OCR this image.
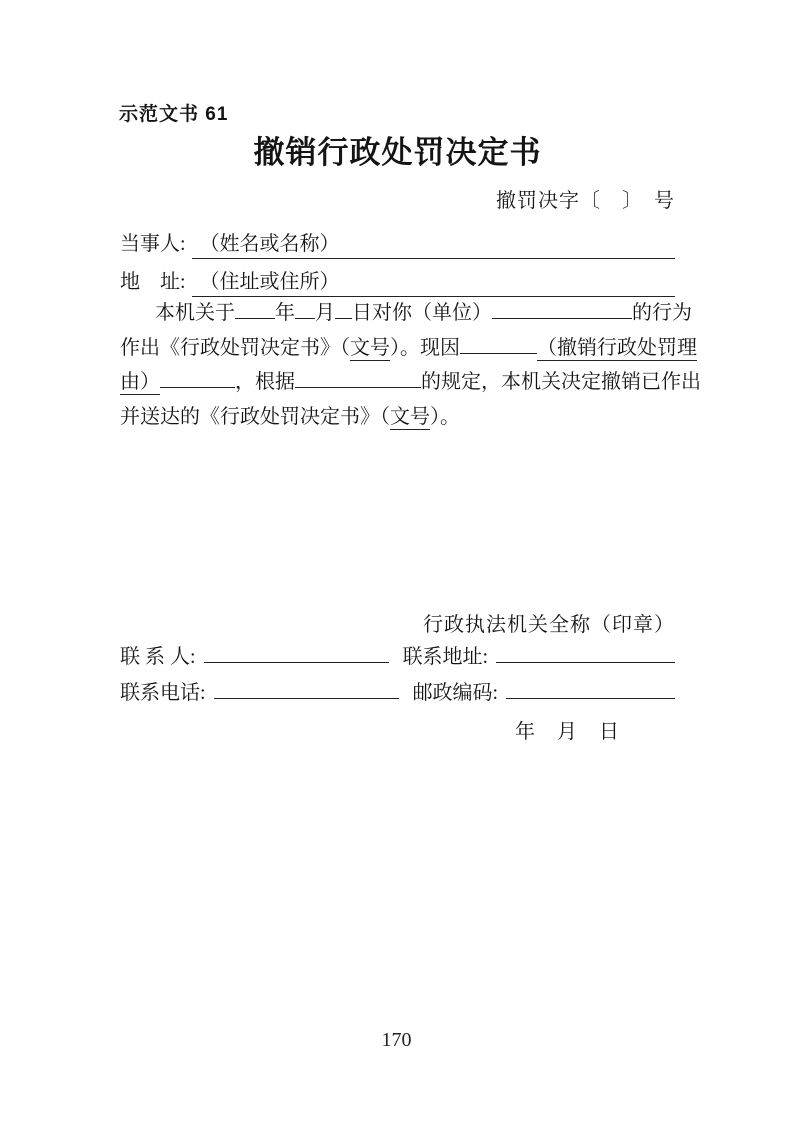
示范文书 61
撤销行政处罚决定书
撤罚决字〔　〕　号
当事人: （姓名或名称）
地　址: （住址或住所）
本机关于 年 月 日对你（单位）	的行为
作出《行政处罚决定书》（文号）。现因	（撤销行政处罚理
由）	，根据	的规定，本机关决定撤销已作出
并送达的《行政处罚决定书》（文号）。

行政执法机关全称（印章）

年　月　日

联 系 人:	联系地址:
联系电话:	邮政编码:
170
